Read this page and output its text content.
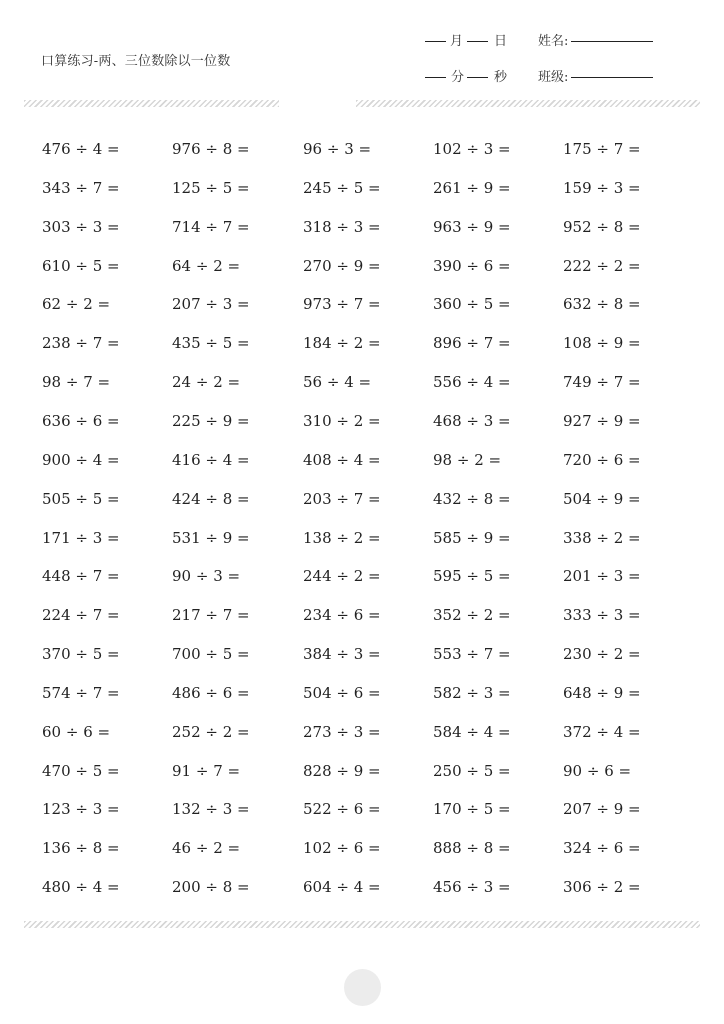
口算练习-两、三位数除以一位数
月 日 姓名:
分 秒 班级:
476 ÷ 4 =	976 ÷ 8 =	96 ÷ 3 =	102 ÷ 3 =	175 ÷ 7 =
343 ÷ 7 =	125 ÷ 5 =	245 ÷ 5 =	261 ÷ 9 =	159 ÷ 3 =
303 ÷ 3 =	714 ÷ 7 =	318 ÷ 3 =	963 ÷ 9 =	952 ÷ 8 =
610 ÷ 5 =	64 ÷ 2 =	270 ÷ 9 =	390 ÷ 6 =	222 ÷ 2 =
62 ÷ 2 =	207 ÷ 3 =	973 ÷ 7 =	360 ÷ 5 =	632 ÷ 8 =
238 ÷ 7 =	435 ÷ 5 =	184 ÷ 2 =	896 ÷ 7 =	108 ÷ 9 =
98 ÷ 7 =	24 ÷ 2 =	56 ÷ 4 =	556 ÷ 4 =	749 ÷ 7 =
636 ÷ 6 =	225 ÷ 9 =	310 ÷ 2 =	468 ÷ 3 =	927 ÷ 9 =
900 ÷ 4 =	416 ÷ 4 =	408 ÷ 4 =	98 ÷ 2 =	720 ÷ 6 =
505 ÷ 5 =	424 ÷ 8 =	203 ÷ 7 =	432 ÷ 8 =	504 ÷ 9 =
171 ÷ 3 =	531 ÷ 9 =	138 ÷ 2 =	585 ÷ 9 =	338 ÷ 2 =
448 ÷ 7 =	90 ÷ 3 =	244 ÷ 2 =	595 ÷ 5 =	201 ÷ 3 =
224 ÷ 7 =	217 ÷ 7 =	234 ÷ 6 =	352 ÷ 2 =	333 ÷ 3 =
370 ÷ 5 =	700 ÷ 5 =	384 ÷ 3 =	553 ÷ 7 =	230 ÷ 2 =
574 ÷ 7 =	486 ÷ 6 =	504 ÷ 6 =	582 ÷ 3 =	648 ÷ 9 =
60 ÷ 6 =	252 ÷ 2 =	273 ÷ 3 =	584 ÷ 4 =	372 ÷ 4 =
470 ÷ 5 =	91 ÷ 7 =	828 ÷ 9 =	250 ÷ 5 =	90 ÷ 6 =
123 ÷ 3 =	132 ÷ 3 =	522 ÷ 6 =	170 ÷ 5 =	207 ÷ 9 =
136 ÷ 8 =	46 ÷ 2 =	102 ÷ 6 =	888 ÷ 8 =	324 ÷ 6 =
480 ÷ 4 =	200 ÷ 8 =	604 ÷ 4 =	456 ÷ 3 =	306 ÷ 2 =
